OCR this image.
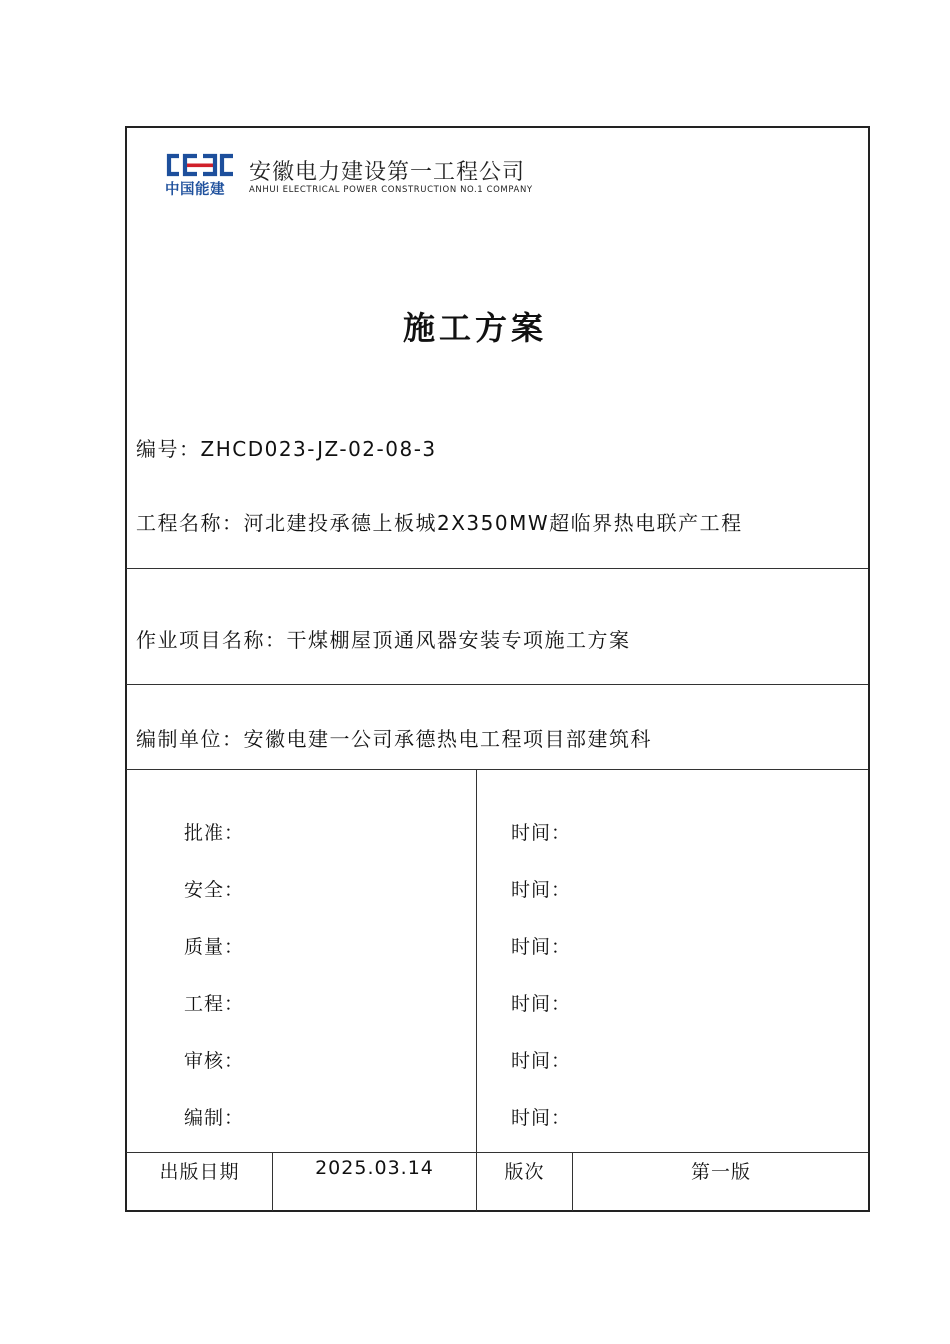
中国能建
安徽电力建设第一工程公司
ANHUI ELECTRICAL POWER CONSTRUCTION NO.1 COMPANY
施工方案
编号：ZHCD023-JZ-02-08-3
工程名称：河北建投承德上板城2X350MW超临界热电联产工程
作业项目名称：干煤棚屋顶通风器安装专项施工方案
编制单位：安徽电建一公司承德热电工程项目部建筑科
批准：	时间：
安全：	时间：
质量：	时间：
工程：	时间：
审核：	时间：
编制：	时间：
出版日期	2025.03.14	版次	第一版
